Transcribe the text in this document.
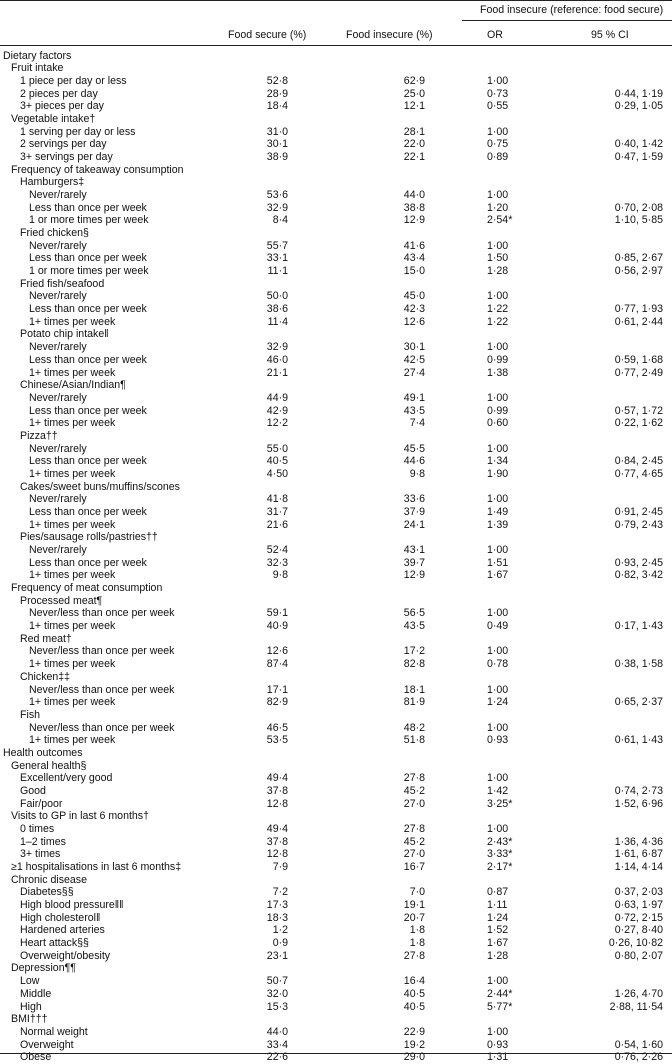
Food insecure (reference: food secure)
Food secure (%)	Food insecure (%)	OR	95 % CI
Dietary factors
Fruit intake
1 piece per day or less	52·8	62·9	1·00
2 pieces per day	28·9	25·0	0·73	0·44, 1·19
3+ pieces per day	18·4	12·1	0·55	0·29, 1·05
Vegetable intake†
1 serving per day or less	31·0	28·1	1·00
2 servings per day	30·1	22·0	0·75	0·40, 1·42
3+ servings per day	38·9	22·1	0·89	0·47, 1·59
Frequency of takeaway consumption
Hamburgers‡
Never/rarely	53·6	44·0	1·00
Less than once per week	32·9	38·8	1·20	0·70, 2·08
1 or more times per week	8·4	12·9	2·54*	1·10, 5·85
Fried chicken§
Never/rarely	55·7	41·6	1·00
Less than once per week	33·1	43·4	1·50	0·85, 2·67
1 or more times per week	11·1	15·0	1·28	0·56, 2·97
Fried fish/seafood
Never/rarely	50·0	45·0	1·00
Less than once per week	38·6	42·3	1·22	0·77, 1·93
1+ times per week	11·4	12·6	1·22	0·61, 2·44
Potato chip intake‖
Never/rarely	32·9	30·1	1·00
Less than once per week	46·0	42·5	0·99	0·59, 1·68
1+ times per week	21·1	27·4	1·38	0·77, 2·49
Chinese/Asian/Indian¶
Never/rarely	44·9	49·1	1·00
Less than once per week	42·9	43·5	0·99	0·57, 1·72
1+ times per week	12·2	7·4	0·60	0·22, 1·62
Pizza††
Never/rarely	55·0	45·5	1·00
Less than once per week	40·5	44·6	1·34	0·84, 2·45
1+ times per week	4·50	9·8	1·90	0·77, 4·65
Cakes/sweet buns/muffins/scones
Never/rarely	41·8	33·6	1·00
Less than once per week	31·7	37·9	1·49	0·91, 2·45
1+ times per week	21·6	24·1	1·39	0·79, 2·43
Pies/sausage rolls/pastries††
Never/rarely	52·4	43·1	1·00
Less than once per week	32·3	39·7	1·51	0·93, 2·45
1+ times per week	9·8	12·9	1·67	0·82, 3·42
Frequency of meat consumption
Processed meat¶
Never/less than once per week	59·1	56·5	1·00
1+ times per week	40·9	43·5	0·49	0·17, 1·43
Red meat†
Never/less than once per week	12·6	17·2	1·00
1+ times per week	87·4	82·8	0·78	0·38, 1·58
Chicken‡‡
Never/less than once per week	17·1	18·1	1·00
1+ times per week	82·9	81·9	1·24	0·65, 2·37
Fish
Never/less than once per week	46·5	48·2	1·00
1+ times per week	53·5	51·8	0·93	0·61, 1·43
Health outcomes
General health§
Excellent/very good	49·4	27·8	1·00
Good	37·8	45·2	1·42	0·74, 2·73
Fair/poor	12·8	27·0	3·25*	1·52, 6·96
Visits to GP in last 6 months†
0 times	49·4	27·8	1·00
1–2 times	37·8	45·2	2·43*	1·36, 4·36
3+ times	12·8	27·0	3·33*	1·61, 6·87
≥1 hospitalisations in last 6 months‡	7·9	16·7	2·17*	1·14, 4·14
Chronic disease
Diabetes§§	7·2	7·0	0·87	0·37, 2·03
High blood pressure‖‖	17·3	19·1	1·11	0·63, 1·97
High cholesterol‖	18·3	20·7	1·24	0·72, 2·15
Hardened arteries	1·2	1·8	1·52	0·27, 8·40
Heart attack§§	0·9	1·8	1·67	0·26, 10·82
Overweight/obesity	23·1	27·8	1·28	0·80, 2·07
Depression¶¶
Low	50·7	16·4	1·00
Middle	32·0	40·5	2·44*	1·26, 4·70
High	15·3	40·5	5·77*	2·88, 11·54
BMI†††
Normal weight	44·0	22·9	1·00
Overweight	33·4	19·2	0·93	0·54, 1·60
Obese	22·6	29·0	1·31	0·76, 2·26
